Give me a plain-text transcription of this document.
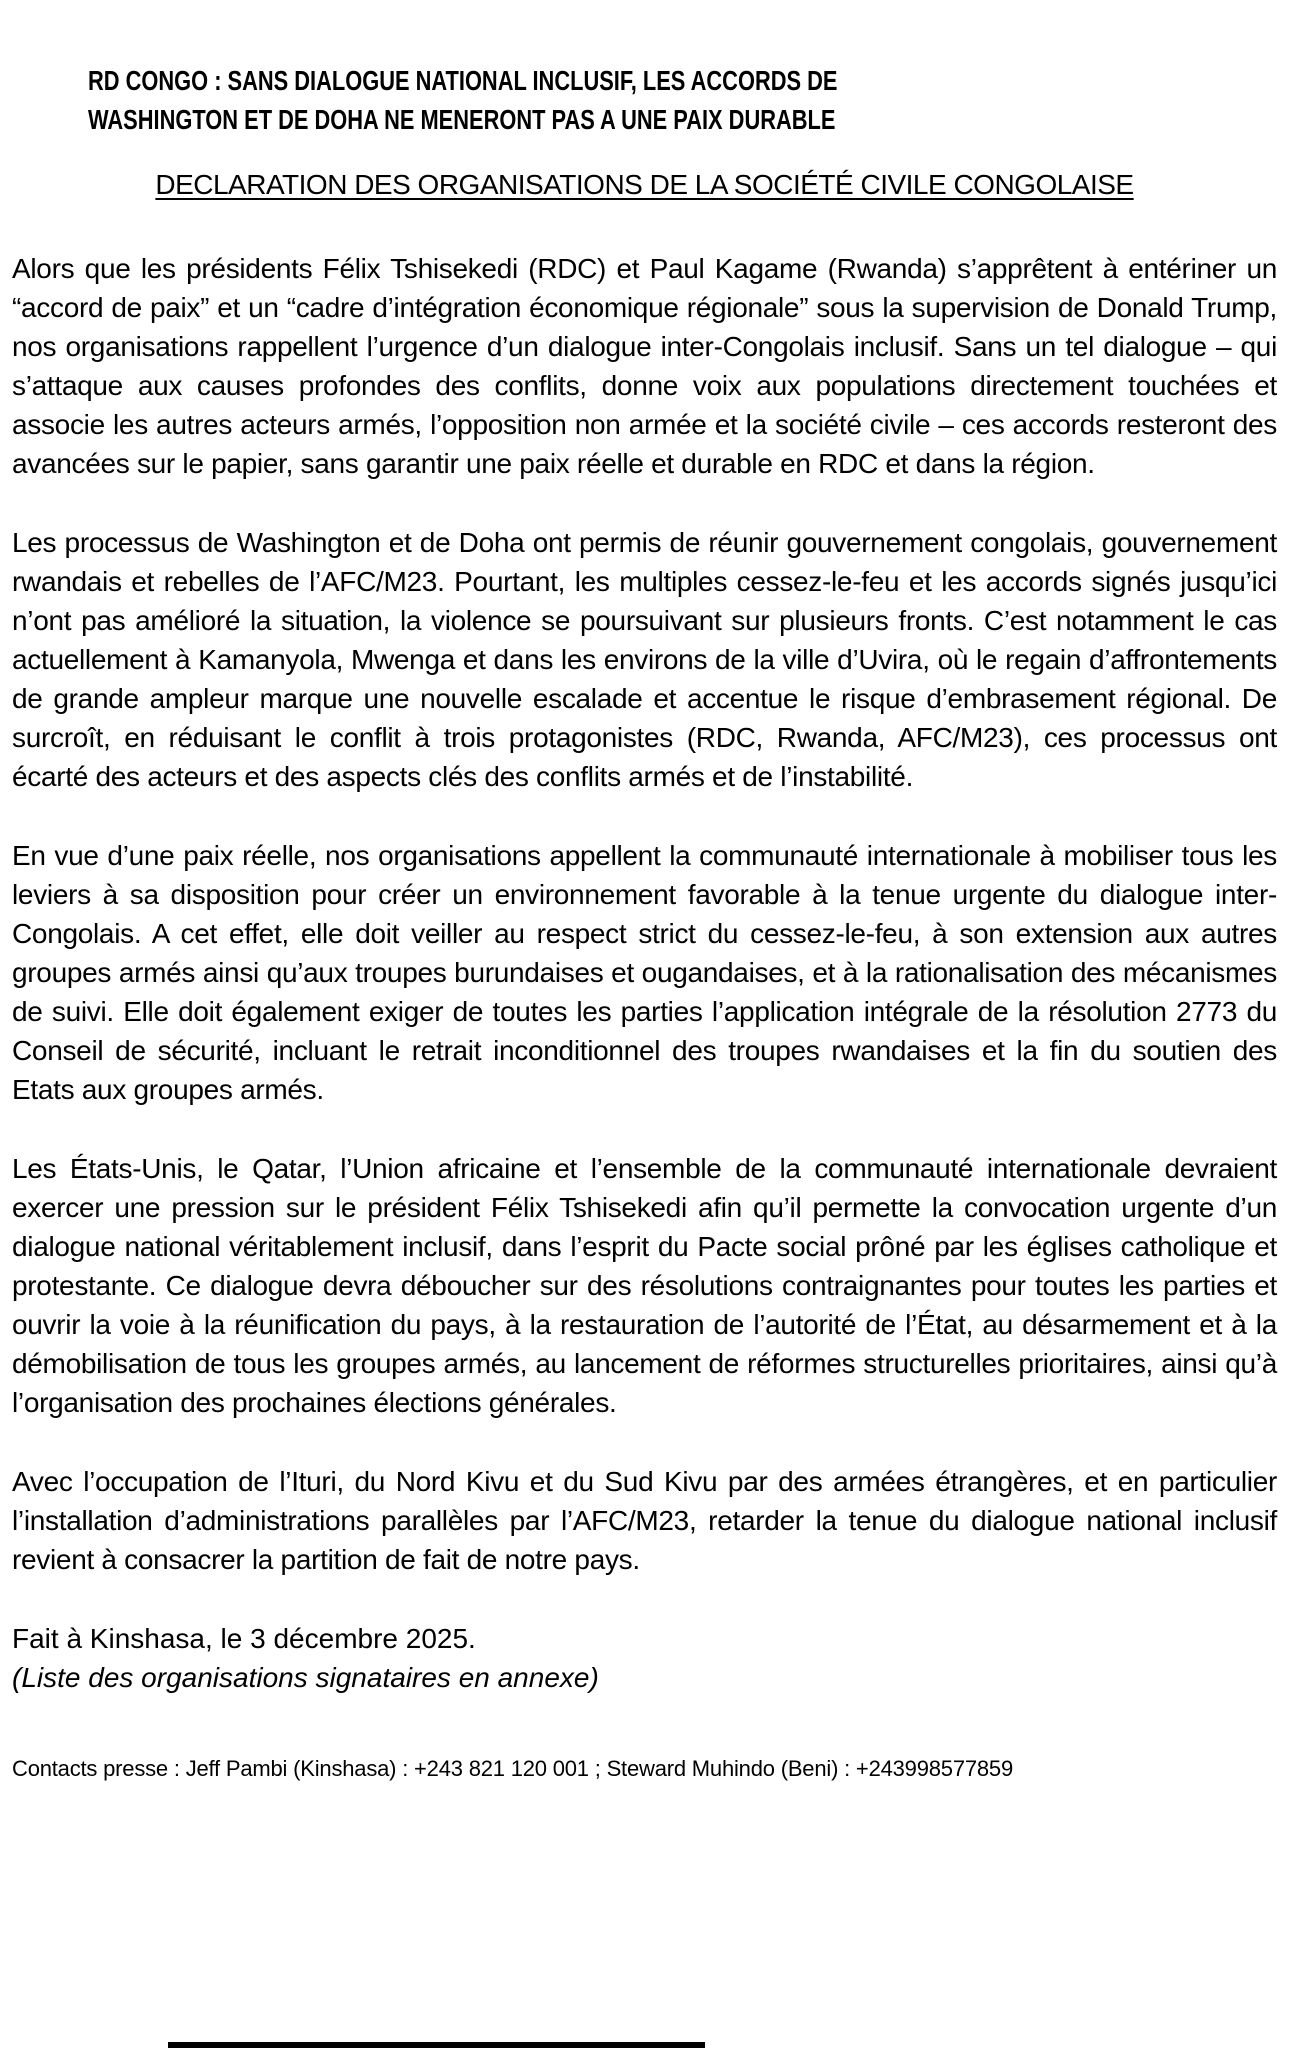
RD CONGO : SANS DIALOGUE NATIONAL INCLUSIF, LES ACCORDS DE
WASHINGTON ET DE DOHA NE MENERONT PAS A UNE PAIX DURABLE
DECLARATION DES ORGANISATIONS DE LA SOCIÉTÉ CIVILE CONGOLAISE

Alors que les présidents Félix Tshisekedi (RDC) et Paul Kagame (Rwanda) s’apprêtent à entériner un “accord de paix” et un “cadre d’intégration économique régionale” sous la supervision de Donald Trump, nos organisations rappellent l’urgence d’un dialogue inter-Congolais inclusif. Sans un tel dialogue – qui s’attaque aux causes profondes des conflits, donne voix aux populations directement touchées et associe les autres acteurs armés, l’opposition non armée et la société civile – ces accords resteront des avancées sur le papier, sans garantir une paix réelle et durable en RDC et dans la région.

Les processus de Washington et de Doha ont permis de réunir gouvernement congolais, gouvernement rwandais et rebelles de l’AFC/M23. Pourtant, les multiples cessez-le-feu et les accords signés jusqu’ici n’ont pas amélioré la situation, la violence se poursuivant sur plusieurs fronts. C’est notamment le cas actuellement à Kamanyola, Mwenga et dans les environs de la ville d’Uvira, où le regain d’affrontements de grande ampleur marque une nouvelle escalade et accentue le risque d’embrasement régional. De surcroît, en réduisant le conflit à trois protagonistes (RDC, Rwanda, AFC/M23), ces processus ont écarté des acteurs et des aspects clés des conflits armés et de l’instabilité.

En vue d’une paix réelle, nos organisations appellent la communauté internationale à mobiliser tous les leviers à sa disposition pour créer un environnement favorable à la tenue urgente du dialogue inter-Congolais. A cet effet, elle doit veiller au respect strict du cessez-le-feu, à son extension aux autres groupes armés ainsi qu’aux troupes burundaises et ougandaises, et à la rationalisation des mécanismes de suivi. Elle doit également exiger de toutes les parties l’application intégrale de la résolution 2773 du Conseil de sécurité, incluant le retrait inconditionnel des troupes rwandaises et la fin du soutien des Etats aux groupes armés.

Les États-Unis, le Qatar, l’Union africaine et l’ensemble de la communauté internationale devraient exercer une pression sur le président Félix Tshisekedi afin qu’il permette la convocation urgente d’un dialogue national véritablement inclusif, dans l’esprit du Pacte social prôné par les églises catholique et protestante. Ce dialogue devra déboucher sur des résolutions contraignantes pour toutes les parties et ouvrir la voie à la réunification du pays, à la restauration de l’autorité de l’État, au désarmement et à la démobilisation de tous les groupes armés, au lancement de réformes structurelles prioritaires, ainsi qu’à l’organisation des prochaines élections générales.

Avec l’occupation de l’Ituri, du Nord Kivu et du Sud Kivu par des armées étrangères, et en particulier l’installation d’administrations parallèles par l’AFC/M23, retarder la tenue du dialogue national inclusif revient à consacrer la partition de fait de notre pays.

Fait à Kinshasa, le 3 décembre 2025.

(Liste des organisations signataires en annexe)

Contacts presse : Jeff Pambi (Kinshasa) : +243 821 120 001 ; Steward Muhindo (Beni) : +243998577859
